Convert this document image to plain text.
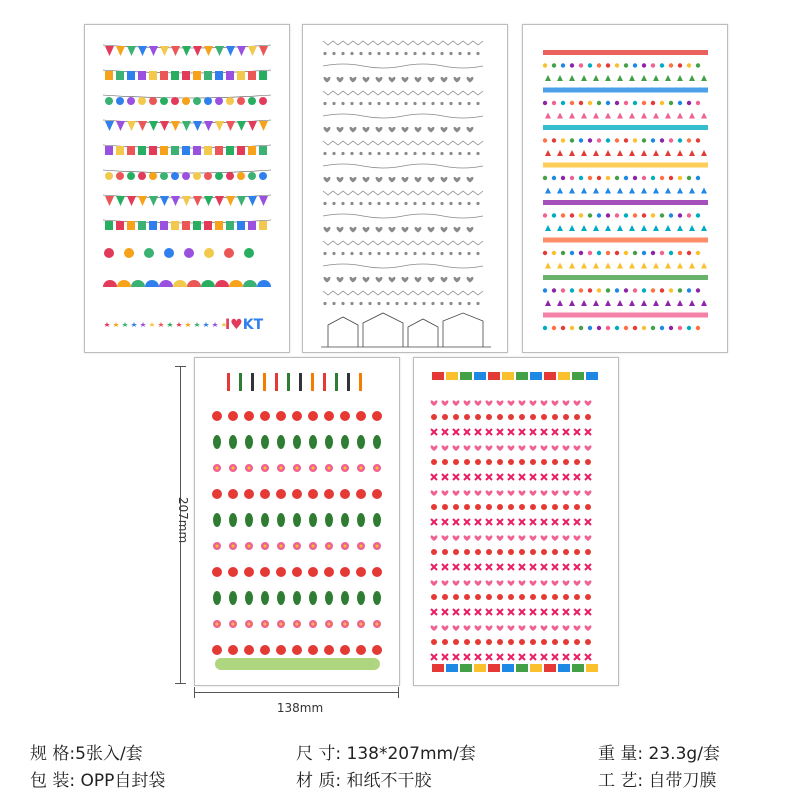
I♥KT
207mm
138mm
规 格:5张入/套	尺 寸: 138*207mm/套	重 量: 23.3g/套
包 装: OPP自封袋	材 质: 和纸不干胶	工 艺: 自带刀膜
